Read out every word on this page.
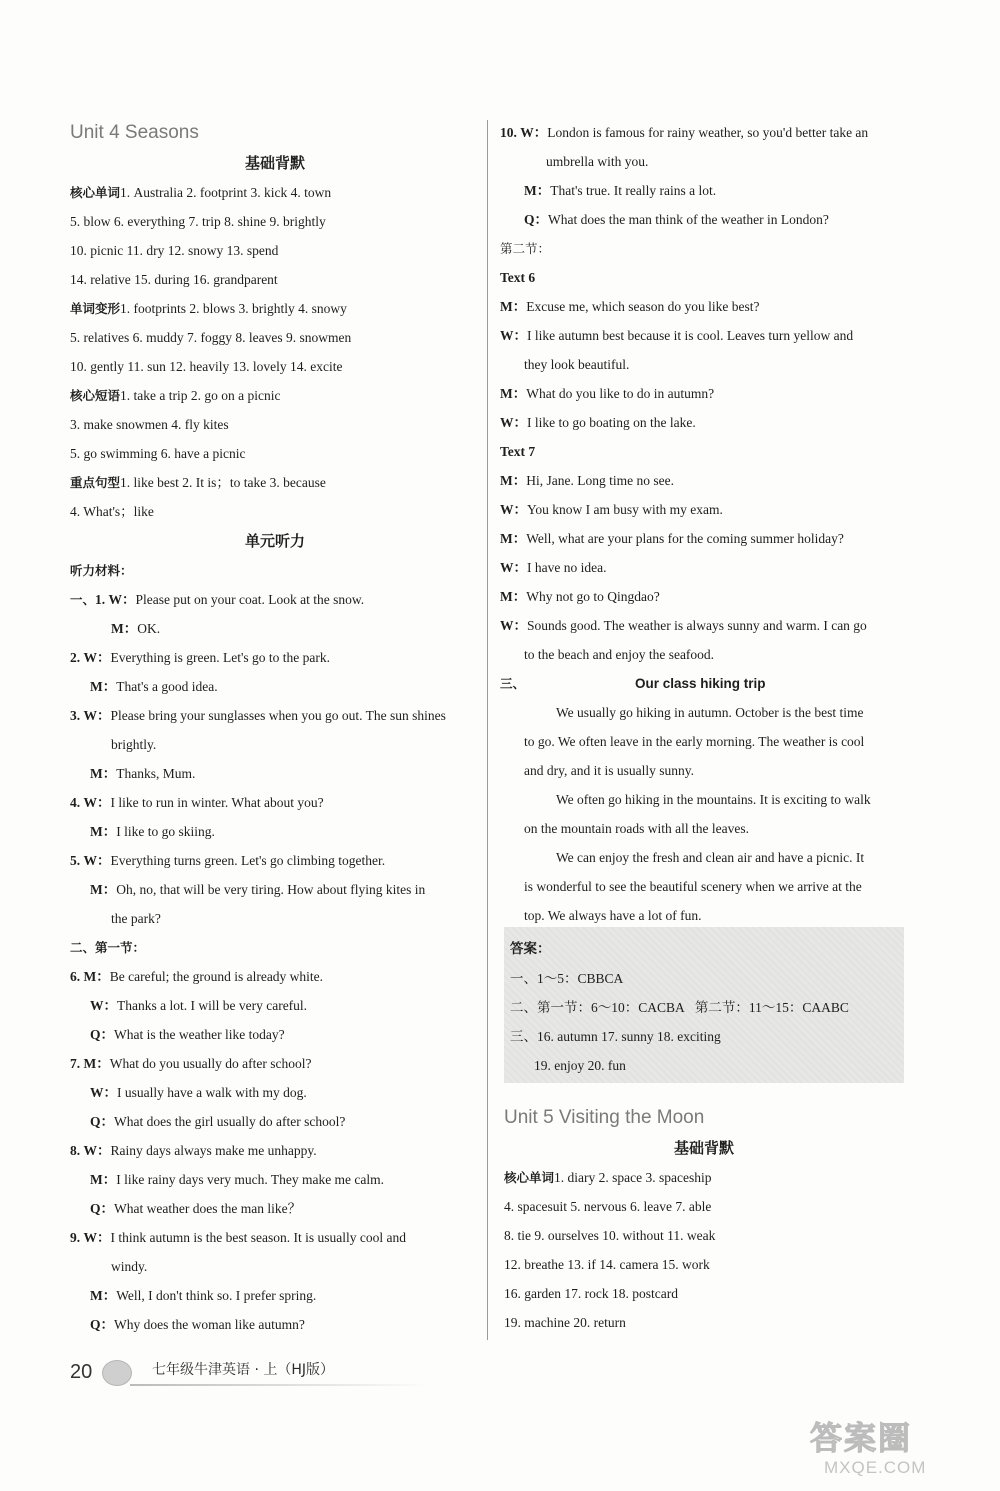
Unit 4 Seasons

基础背默

核心单词1. Australia 2. footprint 3. kick 4. town

5. blow 6. everything 7. trip 8. shine 9. brightly

10. picnic 11. dry 12. snowy 13. spend

14. relative 15. during 16. grandparent

单词变形1. footprints 2. blows 3. brightly 4. snowy

5. relatives 6. muddy 7. foggy 8. leaves 9. snowmen

10. gently 11. sun 12. heavily 13. lovely 14. excite

核心短语1. take a trip 2. go on a picnic

3. make snowmen 4. fly kites

5. go swimming 6. have a picnic

重点句型1. like best 2. It is；to take 3. because

4. What's；like

单元听力

听力材料：

一、1. W：Please put on your coat. Look at the snow.

M：OK.

2. W：Everything is green. Let's go to the park.

M：That's a good idea.

3. W：Please bring your sunglasses when you go out. The sun shines

brightly.

M：Thanks, Mum.

4. W：I like to run in winter. What about you?

M：I like to go skiing.

5. W：Everything turns green. Let's go climbing together.

M：Oh, no, that will be very tiring. How about flying kites in

the park?

二、第一节：

6. M：Be careful; the ground is already white.

W：Thanks a lot. I will be very careful.

Q：What is the weather like today?

7. M：What do you usually do after school?

W：I usually have a walk with my dog.

Q：What does the girl usually do after school?

8. W：Rainy days always make me unhappy.

M：I like rainy days very much. They make me calm.

Q：What weather does the man like？

9. W：I think autumn is the best season. It is usually cool and

windy.

M：Well, I don't think so. I prefer spring.

Q：Why does the woman like autumn?

10. W：London is famous for rainy weather, so you'd better take an

umbrella with you.

M：That's true. It really rains a lot.

Q：What does the man think of the weather in London?

第二节：

Text 6

M：Excuse me, which season do you like best?

W：I like autumn best because it is cool. Leaves turn yellow and

they look beautiful.

M：What do you like to do in autumn?

W：I like to go boating on the lake.

Text 7

M：Hi, Jane. Long time no see.

W：You know I am busy with my exam.

M：Well, what are your plans for the coming summer holiday?

W：I have no idea.

M：Why not go to Qingdao?

W：Sounds good. The weather is always sunny and warm. I can go

to the beach and enjoy the seafood.

三、	Our class hiking trip

We usually go hiking in autumn. October is the best time

to go. We often leave in the early morning. The weather is cool

and dry, and it is usually sunny.

We often go hiking in the mountains. It is exciting to walk

on the mountain roads with all the leaves.

We can enjoy the fresh and clean air and have a picnic. It

is wonderful to see the beautiful scenery when we arrive at the

top. We always have a lot of fun.

答案：

一、1～5：CBBCA

二、第一节：6～10：CACBA 第二节：11～15：CAABC

三、16. autumn 17. sunny 18. exciting

19. enjoy 20. fun

Unit 5 Visiting the Moon

基础背默

核心单词1. diary 2. space 3. spaceship

4. spacesuit 5. nervous 6. leave 7. able

8. tie 9. ourselves 10. without 11. weak

12. breathe 13. if 14. camera 15. work

16. garden 17. rock 18. postcard

19. machine 20. return

20	七年级牛津英语 · 上（HJ版）
答案圈
MXQE.COM
